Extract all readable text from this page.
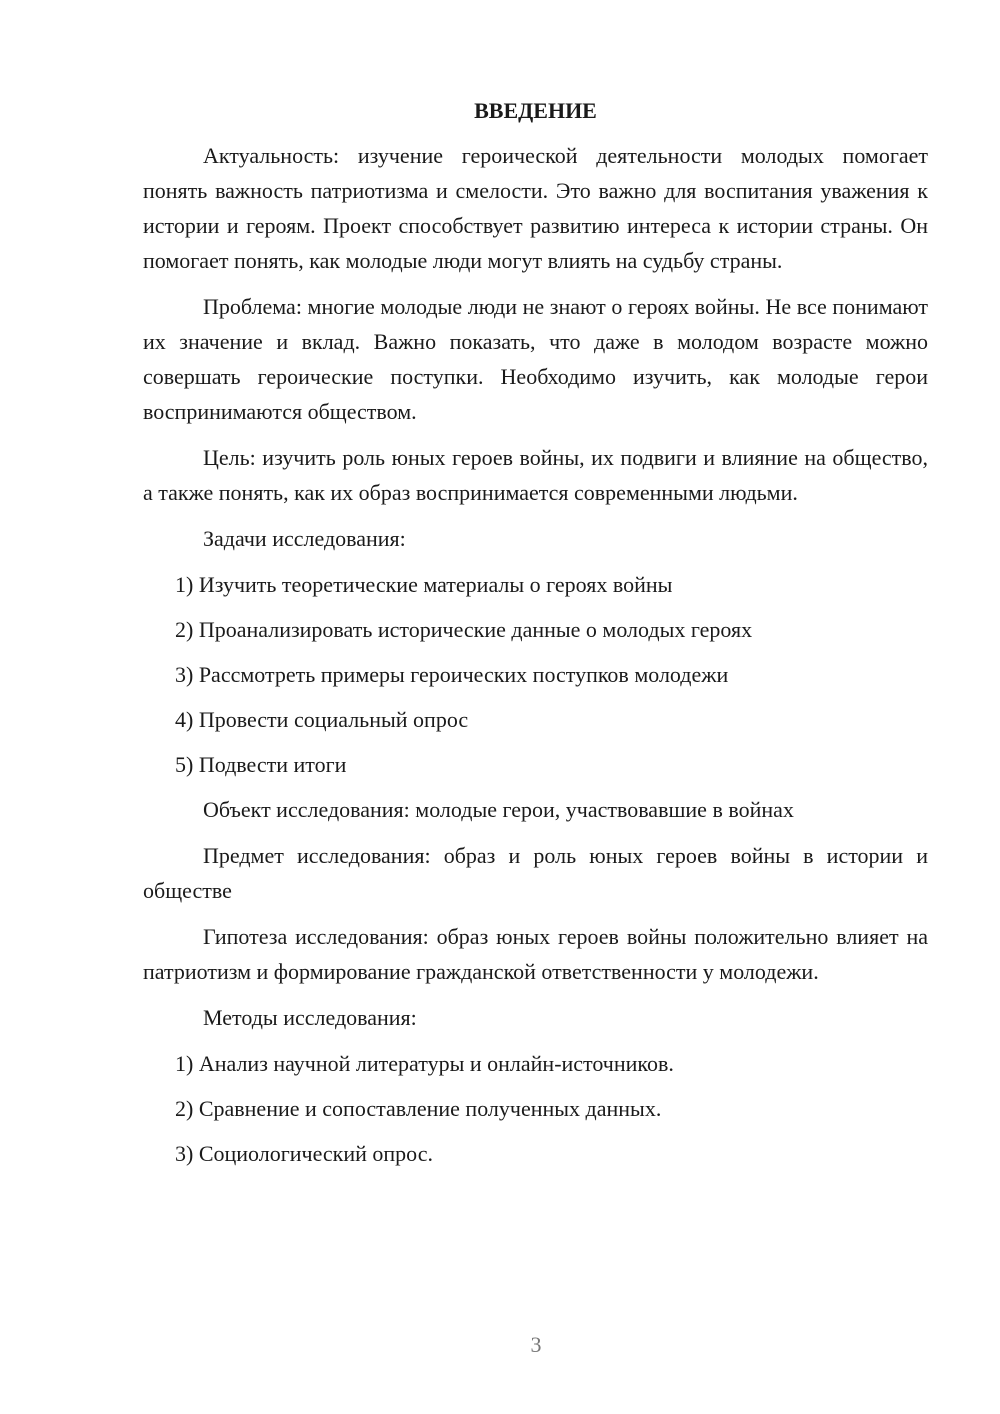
ВВЕДЕНИЕ

Актуальность: изучение героической деятельности молодых помогает понять важность патриотизма и смелости. Это важно для воспитания уважения к истории и героям. Проект способствует развитию интереса к истории страны. Он помогает понять, как молодые люди могут влиять на судьбу страны.

Проблема: многие молодые люди не знают о героях войны. Не все понимают их значение и вклад. Важно показать, что даже в молодом возрасте можно совершать героические поступки. Необходимо изучить, как молодые герои воспринимаются обществом.

Цель: изучить роль юных героев войны, их подвиги и влияние на общество, а также понять, как их образ воспринимается современными людьми.

Задачи исследования:

1) Изучить теоретические материалы о героях войны

2) Проанализировать исторические данные о молодых героях

3) Рассмотреть примеры героических поступков молодежи

4) Провести социальный опрос

5) Подвести итоги

Объект исследования: молодые герои, участвовавшие в войнах

Предмет исследования: образ и роль юных героев войны в истории и обществе

Гипотеза исследования: образ юных героев войны положительно влияет на патриотизм и формирование гражданской ответственности у молодежи.

Методы исследования:

1) Анализ научной литературы и онлайн-источников.

2) Сравнение и сопоставление полученных данных.

3) Социологический опрос.

3
